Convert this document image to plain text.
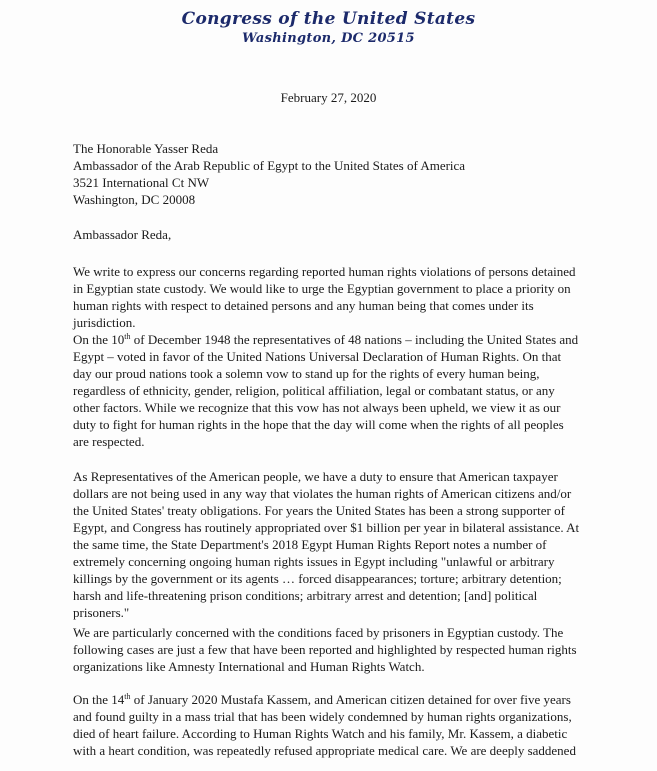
Congress of the United States
Washington, DC 20515
February 27, 2020
The Honorable Yasser Reda
Ambassador of the Arab Republic of Egypt to the United States of America
3521 International Ct NW
Washington, DC 20008
Ambassador Reda,

We write to express our concerns regarding reported human rights violations of persons detained
in Egyptian state custody. We would like to urge the Egyptian government to place a priority on
human rights with respect to detained persons and any human being that comes under its
jurisdiction.

On the 10th of December 1948 the representatives of 48 nations – including the United States and
Egypt – voted in favor of the United Nations Universal Declaration of Human Rights. On that
day our proud nations took a solemn vow to stand up for the rights of every human being,
regardless of ethnicity, gender, religion, political affiliation, legal or combatant status, or any
other factors. While we recognize that this vow has not always been upheld, we view it as our
duty to fight for human rights in the hope that the day will come when the rights of all peoples
are respected.

As Representatives of the American people, we have a duty to ensure that American taxpayer
dollars are not being used in any way that violates the human rights of American citizens and/or
the United States' treaty obligations. For years the United States has been a strong supporter of
Egypt, and Congress has routinely appropriated over $1 billion per year in bilateral assistance. At
the same time, the State Department's 2018 Egypt Human Rights Report notes a number of
extremely concerning ongoing human rights issues in Egypt including "unlawful or arbitrary
killings by the government or its agents … forced disappearances; torture; arbitrary detention;
harsh and life-threatening prison conditions; arbitrary arrest and detention; [and] political
prisoners."

We are particularly concerned with the conditions faced by prisoners in Egyptian custody. The
following cases are just a few that have been reported and highlighted by respected human rights
organizations like Amnesty International and Human Rights Watch.

On the 14th of January 2020 Mustafa Kassem, and American citizen detained for over five years
and found guilty in a mass trial that has been widely condemned by human rights organizations,
died of heart failure. According to Human Rights Watch and his family, Mr. Kassem, a diabetic
with a heart condition, was repeatedly refused appropriate medical care. We are deeply saddened
